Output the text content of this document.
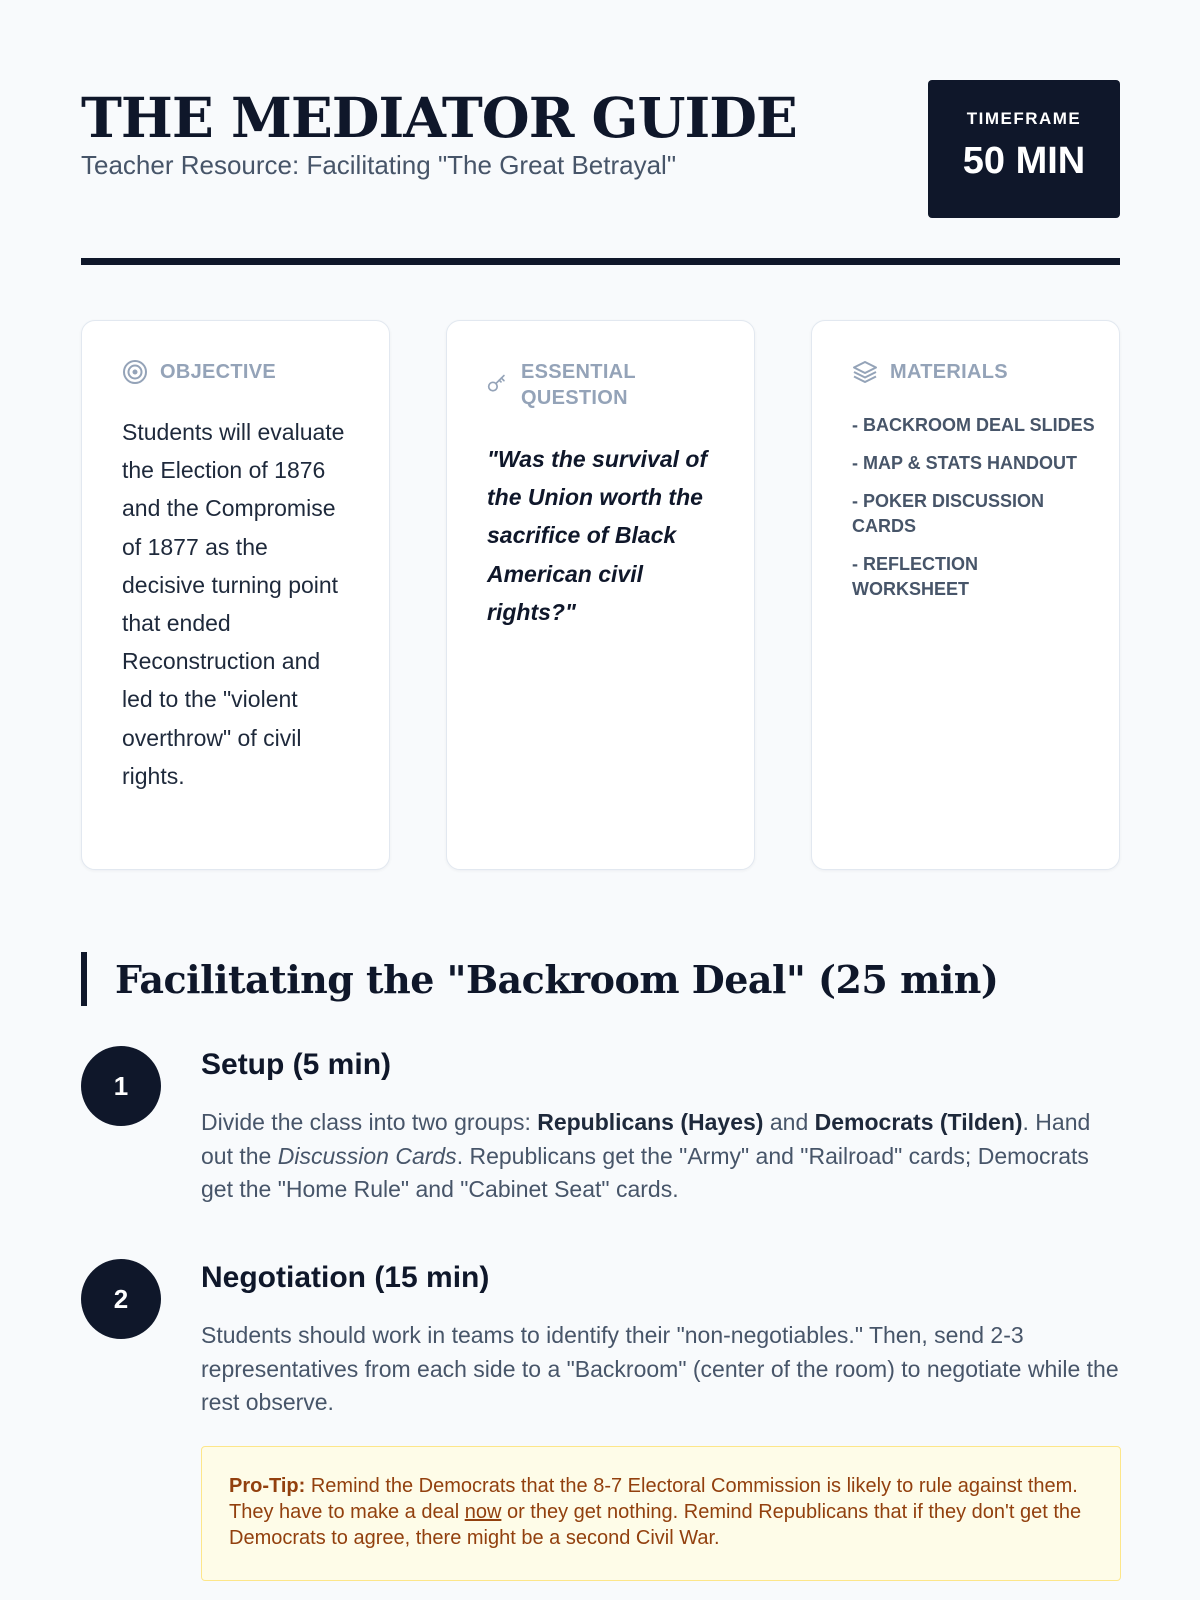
THE MEDIATOR GUIDE
Teacher Resource: Facilitating "The Great Betrayal"
TIMEFRAME
50 MIN
OBJECTIVE
Students will evaluate the Election of 1876 and the Compromise of 1877 as the decisive turning point that ended Reconstruction and led to the "violent overthrow" of civil rights.
ESSENTIAL QUESTION
"Was the survival of the Union worth the sacrifice of Black American civil rights?"
MATERIALS
- BACKROOM DEAL SLIDES
- MAP & STATS HANDOUT
- POKER DISCUSSION CARDS
- REFLECTION WORKSHEET
Facilitating the "Backroom Deal" (25 min)
1
Setup (5 min)
Divide the class into two groups: Republicans (Hayes) and Democrats (Tilden). Hand out the Discussion Cards. Republicans get the "Army" and "Railroad" cards; Democrats get the "Home Rule" and "Cabinet Seat" cards.
2
Negotiation (15 min)
Students should work in teams to identify their "non-negotiables." Then, send 2-3 representatives from each side to a "Backroom" (center of the room) to negotiate while the rest observe.
Pro-Tip: Remind the Democrats that the 8-7 Electoral Commission is likely to rule against them. They have to make a deal now or they get nothing. Remind Republicans that if they don't get the Democrats to agree, there might be a second Civil War.
